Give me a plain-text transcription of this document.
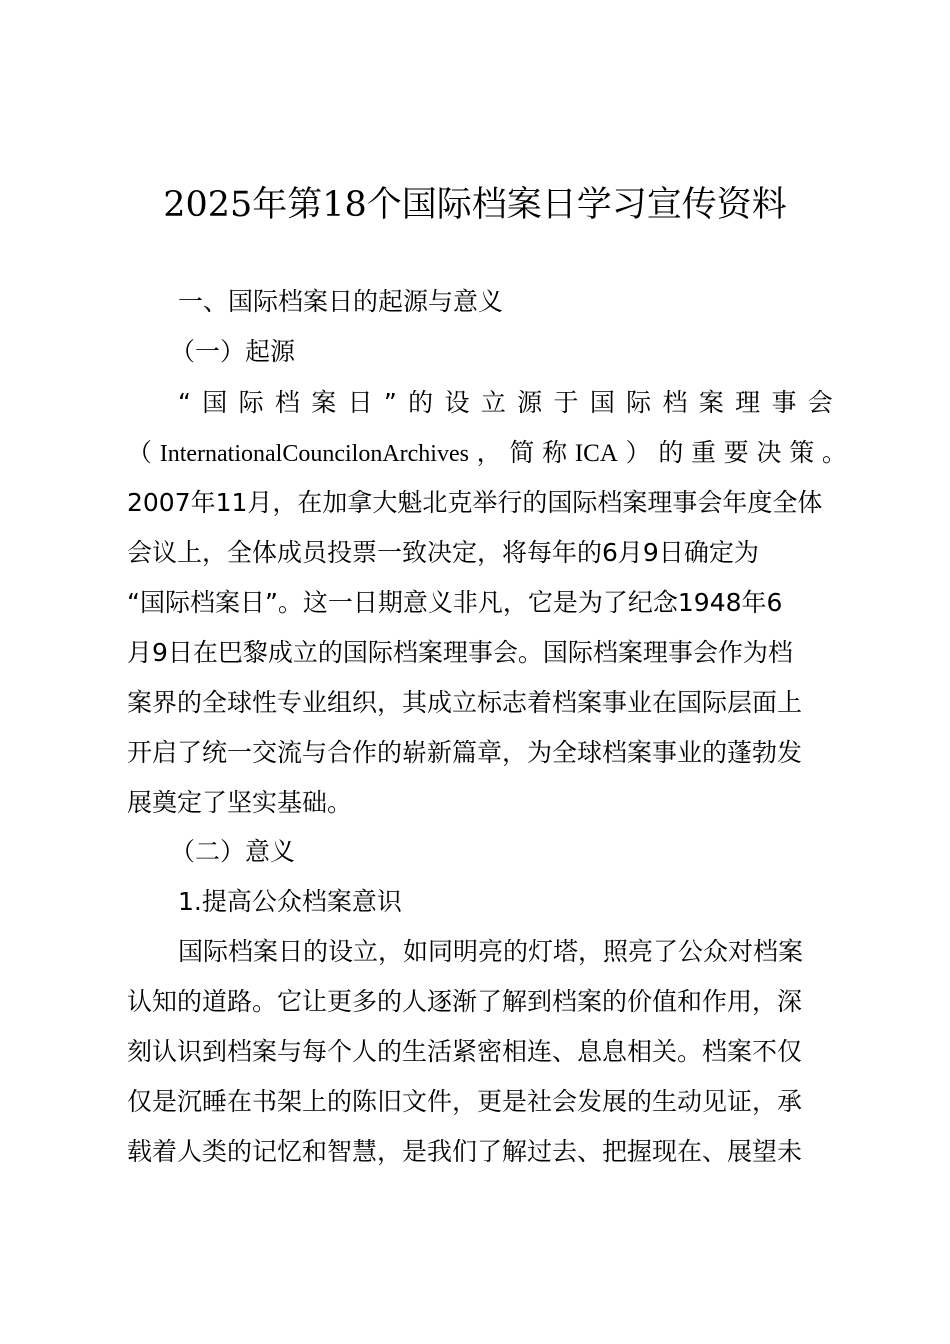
2025年第18个国际档案日学习宣传资料
一、国际档案日的起源与意义
（一）起源
“ 国 际 档 案 日 ” 的 设 立 源 于 国 际 档 案 理 事 会
（ InternationalCouncilonArchives ， 简 称 ICA ） 的 重 要 决 策 。
2007年11月，在加拿大魁北克举行的国际档案理事会年度全体
会议上，全体成员投票一致决定，将每年的6月9日确定为
“国际档案日”。这一日期意义非凡，它是为了纪念1948年6
月9日在巴黎成立的国际档案理事会。国际档案理事会作为档
案界的全球性专业组织，其成立标志着档案事业在国际层面上
开启了统一交流与合作的崭新篇章，为全球档案事业的蓬勃发
展奠定了坚实基础。
（二）意义
1.提高公众档案意识
国际档案日的设立，如同明亮的灯塔，照亮了公众对档案
认知的道路。它让更多的人逐渐了解到档案的价值和作用，深
刻认识到档案与每个人的生活紧密相连、息息相关。档案不仅
仅是沉睡在书架上的陈旧文件，更是社会发展的生动见证，承
载着人类的记忆和智慧，是我们了解过去、把握现在、展望未
